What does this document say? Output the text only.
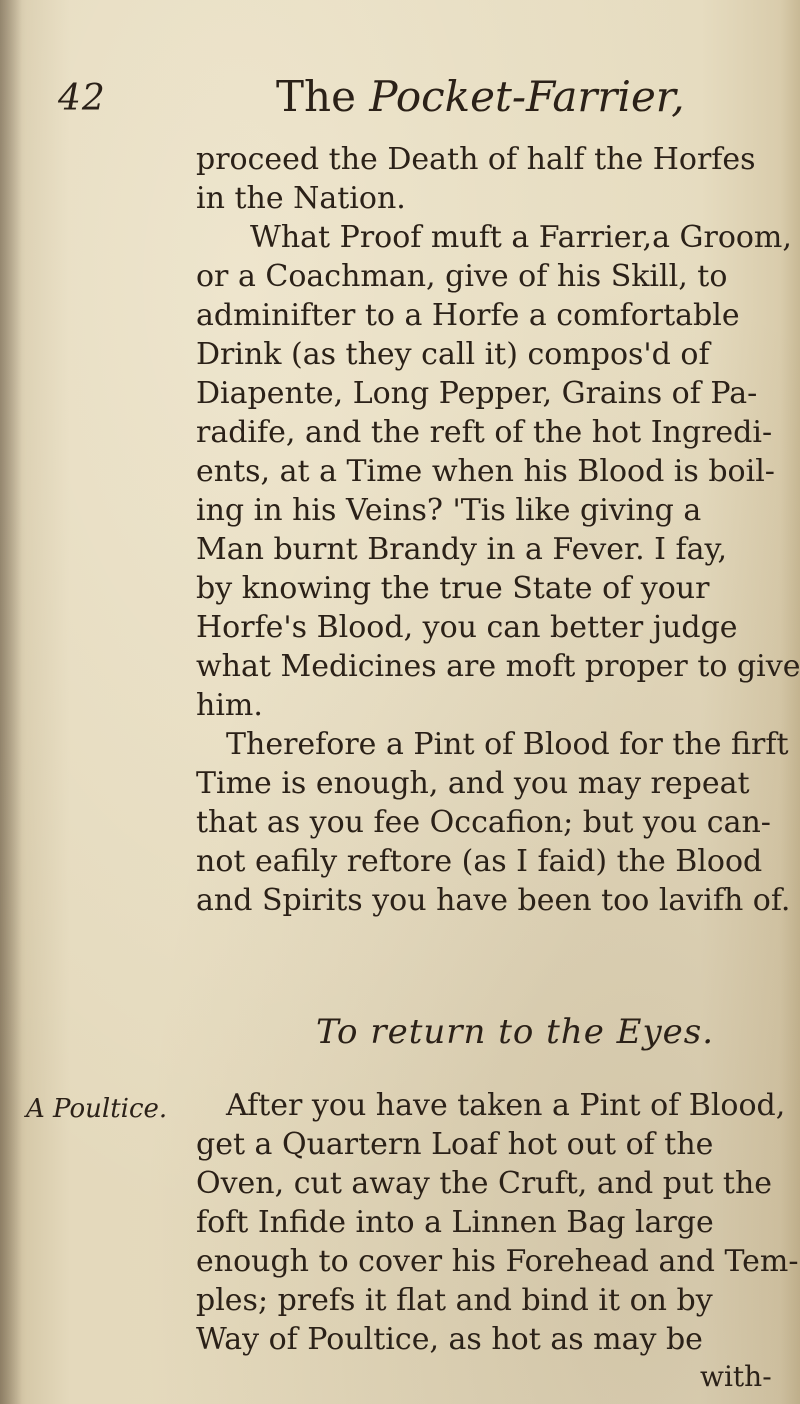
42	The Pocket-Farrier,
proceed the Death of half the Horfes
in the Nation.
What Proof muft a Farrier,a Groom,
or a Coachman, give of his Skill, to
adminifter to a Horfe a comfortable
Drink (as they call it) compos'd of
Diapente, Long Pepper, Grains of Pa-
radife, and the reft of the hot Ingredi-
ents, at a Time when his Blood is boil-
ing in his Veins? 'Tis like giving a
Man burnt Brandy in a Fever. I fay,
by knowing the true State of your
Horfe's Blood, you can better judge
what Medicines are moft proper to give
him.
Therefore a Pint of Blood for the firft
Time is enough, and you may repeat
that as you fee Occafion; but you can-
not eafily reftore (as I faid) the Blood
and Spirits you have been too lavifh of.
To return to the Eyes.
A Poultice.	After you have taken a Pint of Blood,
get a Quartern Loaf hot out of the
Oven, cut away the Cruft, and put the
foft Infide into a Linnen Bag large
enough to cover his Forehead and Tem-
ples; prefs it flat and bind it on by
Way of Poultice, as hot as may be
with-
